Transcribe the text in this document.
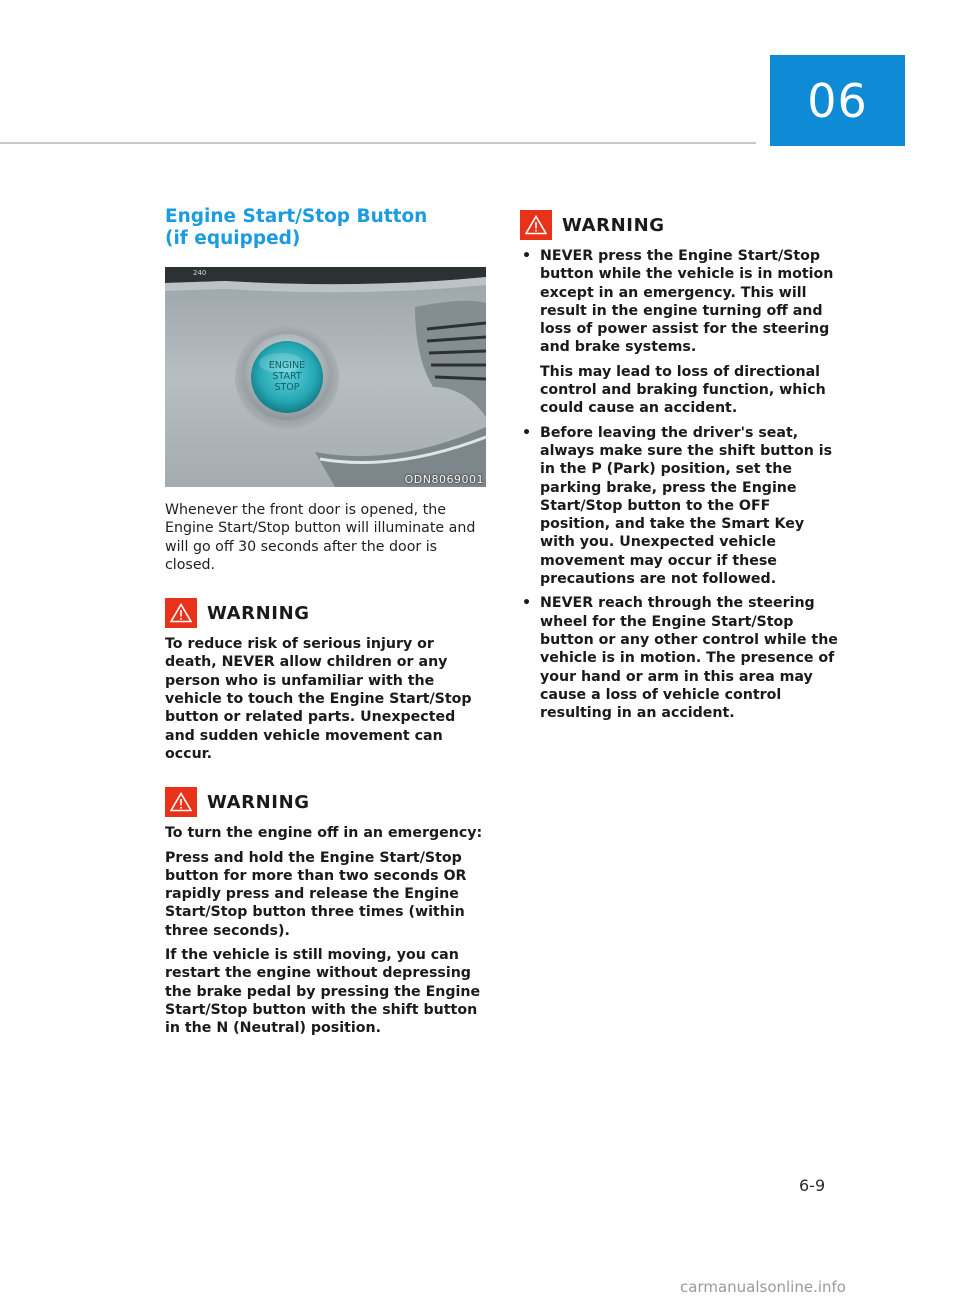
06
Engine Start/Stop Button
(if equipped)
240
ENGINE
START
STOP
ODN8069001

Whenever the front door is opened, the Engine Start/Stop button will illuminate and will go off 30 seconds after the door is closed.

WARNING

To reduce risk of serious injury or death, NEVER allow children or any person who is unfamiliar with the vehicle to touch the Engine Start/Stop button or related parts. Unexpected and sudden vehicle movement can occur.

WARNING

To turn the engine off in an emergency:

Press and hold the Engine Start/Stop button for more than two seconds OR rapidly press and release the Engine Start/Stop button three times (within three seconds).

If the vehicle is still moving, you can restart the engine without depressing the brake pedal by pressing the Engine Start/Stop button with the shift button in the N (Neutral) position.

WARNING
• NEVER press the Engine Start/Stop button while the vehicle is in motion except in an emergency. This will result in the engine turning off and loss of power assist for the steering and brake systems.
This may lead to loss of directional control and braking function, which could cause an accident.
• Before leaving the driver's seat, always make sure the shift button is in the P (Park) position, set the parking brake, press the Engine Start/Stop button to the OFF position, and take the Smart Key with you. Unexpected vehicle movement may occur if these precautions are not followed.
• NEVER reach through the steering wheel for the Engine Start/Stop button or any other control while the vehicle is in motion. The presence of your hand or arm in this area may cause a loss of vehicle control resulting in an accident.
6-9
carmanualsonline.info
